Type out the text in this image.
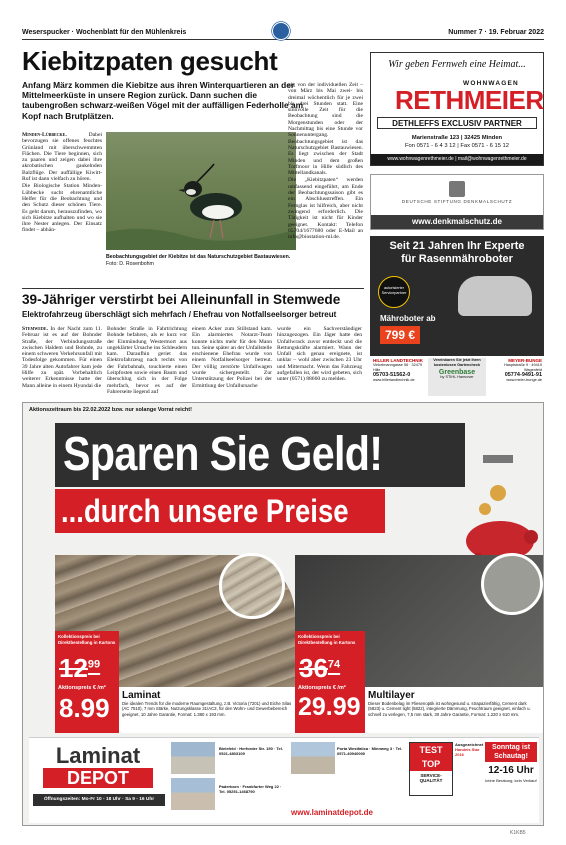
Weserspucker · Wochenblatt für den Mühlenkreis	Nummer 7 · 19. Februar 2022
Kiebitzpaten gesucht
Anfang März kommen die Kiebitze aus ihren Winterquartieren an der Mittelmeerküste in unsere Region zurück. Dann suchen die taubengroßen schwarz-weißen Vögel mit der auffälligen Federholle am Kopf nach Brutplätzen.

Minden-Lübbecke.	Dabei bevorzugen sie offenes feuchtes Grünland mit überschwemmten Flächen. Die Tiere beginnen, sich zu paaren und zeigen dabei ihre akrobatischen gaukelnden Balzflüge. Der auffällige Kiwitt-Ruf ist dann vielfach zu hören.

Die Biologische Station Minden-Lübbecke sucht ehrenamtliche Helfer für die Beobachtung und den Schutz dieser schönen Tiere. Es geht darum, herauszufinden, wo sich Kiebitze aufhalten und wo sie ihre Nester anlegen. Der Einsatz findet – abhän-

Beobachtungsgebiet der Kiebitze ist das Naturschutzgebiet Bastauwiesen. Foto: D. Rosenbohm

gig von der individuellen Zeit – von März bis Mai zwei- bis dreimal wöchentlich für je zwei bis drei Stunden statt. Eine sinnvolle Zeit für die Beobachtung sind die Morgenstunden oder der Nachmittag bis eine Stunde vor Sonnenuntergang. Beobachtungsgebiet ist das Naturschutzgebiet Bastauwiesen. Es liegt zwischen der Stadt Minden und dem großen Torfmoor in Hille südlich des Mittellandkanals.

Die „Kiebitzpaten“ werden umfassend eingeführt, am Ende der Beobachtungssaison gibt es ein Abschlusstreffen. Ein Fernglas ist hilfreich, aber nicht zwingend erforderlich. Die Tätigkeit ist nicht für Kinder geeignet. Kontakt: Telefon 05704/1677680 oder E-Mail an info@biostation-ml.de.

Wir geben Fernweh eine Heimat...
WOHNWAGEN
RETHMEIER
DETHLEFFS EXCLUSIV PARTNER
Marienstraße 123 | 32425 Minden
Fon 0571 - 6 4 3 12 | Fax 0571 - 6 15 12
www.wohnwagenrethmeier.de | mail@wohnwagenrethmeier.de
DEUTSCHE STIFTUNG DENKMALSCHUTZ
www.denkmalschutz.de
Seit 21 Jahren Ihr Experte
für Rasenmähroboter
autorisierter Servicepartner
Mähroboter ab
799 €
HILLER LANDTECHNIK
Vinkelmanngasse 56 · 32479 Hille
05703-51562-0
www.hillerlandtechnik.de
Vereinbaren Sie jetzt Ihren kostenlosen Gartencheck
Greenbase
by STIHL Hannover
MEYER-BUNGE
Hauptstraße 9 · 49419 Wagenfeld
05774-9491-91
www.meier-bunge.de
39-Jähriger verstirbt bei Alleinunfall in Stemwede
Elektrofahrzeug überschlägt sich mehrfach / Ehefrau von Notfallseelsorger betreut

Stemwede. In der Nacht zum 11. Februar ist es auf der Bohnder Straße, der Verbindungsstraße zwischen Haldem und Bohnde, zu einem schweren Verkehrsunfall mit Todesfolge gekommen. Für einen 39 Jahre alten Autofahrer kam jede Hilfe zu spät. Vorbehaltlich weiterer Erkenntnisse hatte der Mann alleine in einem Hyundai die

Bohnder Straße in Fahrtrichtung Bohnde befahren, als er kurz vor der Einmündung Westermort aus ungeklärter Ursache ins Schleudern kam. Daraufhin geriet das Elektrofahrzeug nach rechts von der Fahrbahnab, touchierte einen Leitpfosten sowie einen Baum und überschlug sich in der Folge mehrfach, bevor es auf der Fahrerseite liegend auf

einem Acker zum Stillstand kam. Ein alarmiertes Notarzt-Team konnte nichts mehr für den Mann tun. Seine später an der Unfallstelle erschienene Ehefrau wurde von einem Notfallseelsorger betreut. Der völlig zerstörte Unfallwagen wurde sichergestellt. Zur Unterstützung der Polizei bei der Ermittlung der Unfallursache

wurde ein Sachverständiger hinzugezogen. Ein Jäger hatte den Unfallwrack zuvor entdeckt und die Rettungskräfte alarmiert. Wann der Unfall sich genau ereignete, ist unklar – wohl aber zwischen 23 Uhr und Mitternacht. Wenn das Fahrzeug aufgefallen ist, der wird gebeten, sich unter (0571) 88660 zu melden.

Aktionszeitraum bis 22.02.2022 bzw. nur solange Vorrat reicht!
Sparen Sie Geld!
...durch unsere Preise
Kollektionspreis bei Direktbestellung in Kartons
$12^{99}$
Aktionspreis € /m²
8.99 Laminat
Die idealen Trends für die moderne Raumgestaltung, z.B. Victoria (7201) und Eiche Silas (AC 7510), 7 mm Stärke, Nutzungsklasse 31/AC3, für den Wohn- und Gewerbebereich geeignet, 10 Jahre Garantie, Format: 1.380 x 193 mm.
Kollektionspreis bei Direktbestellung in Kartons
$36^{74}$
Aktionspreis € /m²
29.99 Multilayer
Dieser Bodenbelag im Fliesenoptik ist wohngesund u. strapazierfähig, Cement dark (5823) u. Cement light (5822), integrierte Dämmung, Feuchtraum geeignet, einfach u. schnell zu verlegen, 7,5 mm stark, 30 Jahre Garantie, Format: 1.220 x 610 mm.
Laminat
DEPOT
Öffnungszeiten: Mo-Fr 10 - 18 Uhr · Sa 9 - 16 Uhr
Bielefeld · Herforder Str. 150 · Tel. 0521-4803109
Paderborn · Frankfurter Weg 22 · Tel. 05251-1468790
Porta Westfalica · Minnweg 3 · Tel. 0571-40940000
www.laminatdepot.de
TEST TOP
SERVICE-QUALITÄT
Ausgezeichnet
Handels Star 2016
Sonntag ist Schautag!
12-16 Uhr
keine Beratung, kein Verkauf
K1KB5
